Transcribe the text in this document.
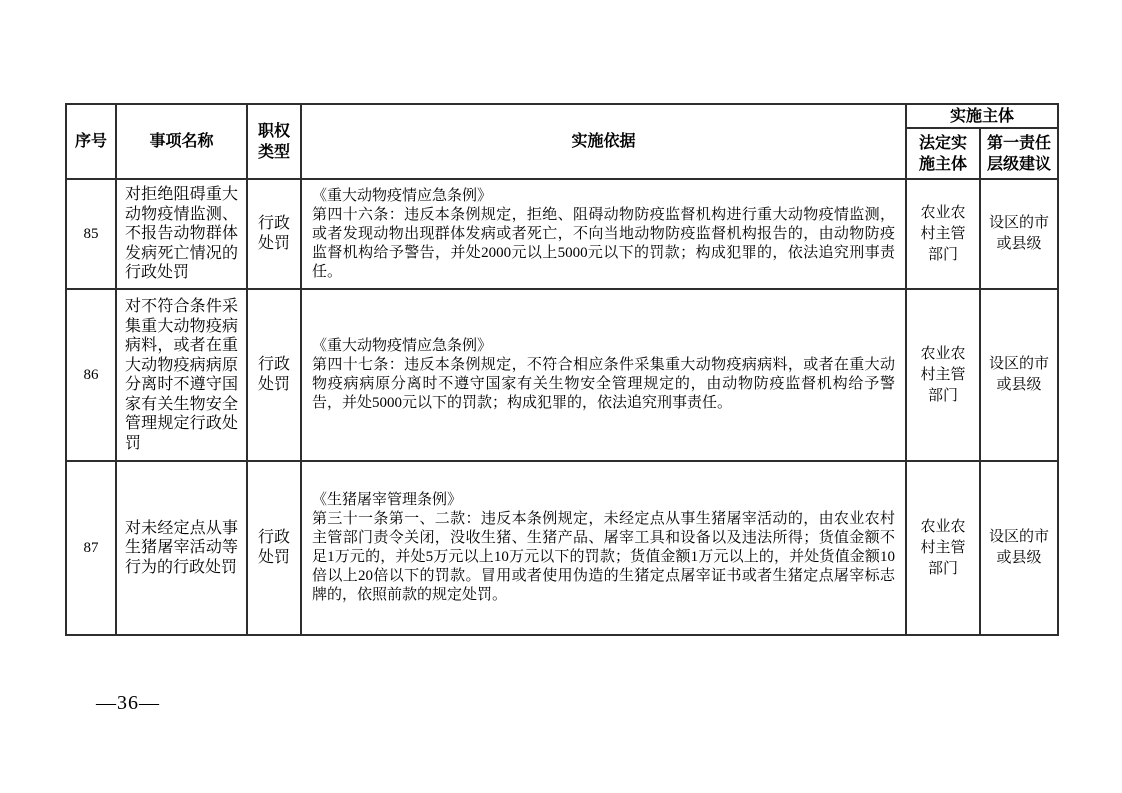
序号	事项名称	职权类型	实施依据	实施主体	
				法定实施主体	第一责任层级建议
85	对拒绝阻碍重大动物疫情监测、不报告动物群体发病死亡情况的行政处罚	行政处罚	《重大动物疫情应急条例》
第四十六条：违反本条例规定，拒绝、阻碍动物防疫监督机构进行重大动物疫情监测，或者发现动物出现群体发病或者死亡，不向当地动物防疫监督机构报告的，由动物防疫监督机构给予警告，并处2000元以上5000元以下的罚款；构成犯罪的，依法追究刑事责任。	农业农村主管部门	设区的市或县级
86	对不符合条件采集重大动物疫病病料，或者在重大动物疫病病原分离时不遵守国家有关生物安全管理规定行政处罚	行政处罚	《重大动物疫情应急条例》
第四十七条：违反本条例规定，不符合相应条件采集重大动物疫病病料，或者在重大动物疫病病原分离时不遵守国家有关生物安全管理规定的，由动物防疫监督机构给予警告，并处5000元以下的罚款；构成犯罪的，依法追究刑事责任。	农业农村主管部门	设区的市或县级
87	对未经定点从事生猪屠宰活动等行为的行政处罚	行政处罚	《生猪屠宰管理条例》
第三十一条第一、二款：违反本条例规定，未经定点从事生猪屠宰活动的，由农业农村主管部门责令关闭，没收生猪、生猪产品、屠宰工具和设备以及违法所得；货值金额不足1万元的，并处5万元以上10万元以下的罚款；货值金额1万元以上的，并处货值金额10倍以上20倍以下的罚款。冒用或者使用伪造的生猪定点屠宰证书或者生猪定点屠宰标志牌的，依照前款的规定处罚。	农业农村主管部门	设区的市或县级
—36—
